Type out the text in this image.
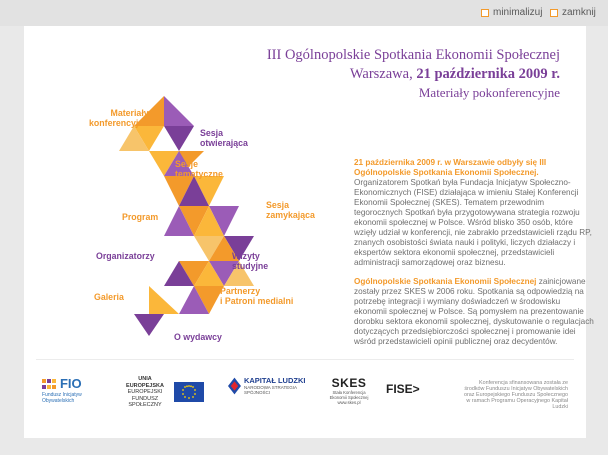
minimalizuj zamknij
III Ogólnopolskie Spotkania Ekonomii Społecznej
Warszawa, 21 października 2009 r.
Materiały pokonferencyjne
Materiały
konferencyjne
Sesja
otwierająca
Sesje
tematyczne
Program
Sesja
zamykająca
Organizatorzy	Wizyty
studyjne
Galeria
Partnerzy
i Patroni medialni
O wydawcy

21 października 2009 r. w Warszawie odbyły się III Ogólnopolskie Spotkania Ekonomii Społecznej. Organizatorem Spotkań była Fundacja Inicjatyw Społeczno-Ekonomicznych (FISE) działająca w imieniu Stałej Konferencji Ekonomii Społecznej (SKES). Tematem przewodnim tegorocznych Spotkań była przygotowywana strategia rozwoju ekonomii społecznej w Polsce. Wśród blisko 350 osób, które wzięły udział w konferencji, nie zabrakło przedstawicieli rządu RP, znanych osobistości świata nauki i polityki, liczych działaczy i ekspertów sektora ekonomii społecznej, przedstawicieli administracji samorządowej oraz biznesu.

Ogólnopolskie Spotkania Ekonomii Społecznej zainicjowane zostały przez SKES w 2006 roku. Spotkania są odpowiedzią na potrzebę integracji i wymiany doświadczeń w środowisku ekonomii społecznej w Polsce. Są pomysłem na prezentowanie dorobku sektora ekonomii społecznej, dyskutowanie o regulacjach dotyczących przedsiębiorczości społecznej i promowanie idei wśród przedstawicieli opinii publicznej oraz decydentów.

FIO
Fundusz Inicjatyw Obywatelskich
UNIA EUROPEJSKA
EUROPEJSKI
FUNDUSZ SPOŁECZNY
KAPITAŁ LUDZKI
NARODOWA STRATEGIA SPÓJNOŚCI
SKES
Stała Konferencja Ekonomii Społecznej www.skes.pl
FISE>	Konferencja sfinansowana została ze środków Funduszu Inicjatyw Obywatelskich oraz Europejskiego Funduszu Społecznego w ramach Programu Operacyjnego Kapitał Ludzki
